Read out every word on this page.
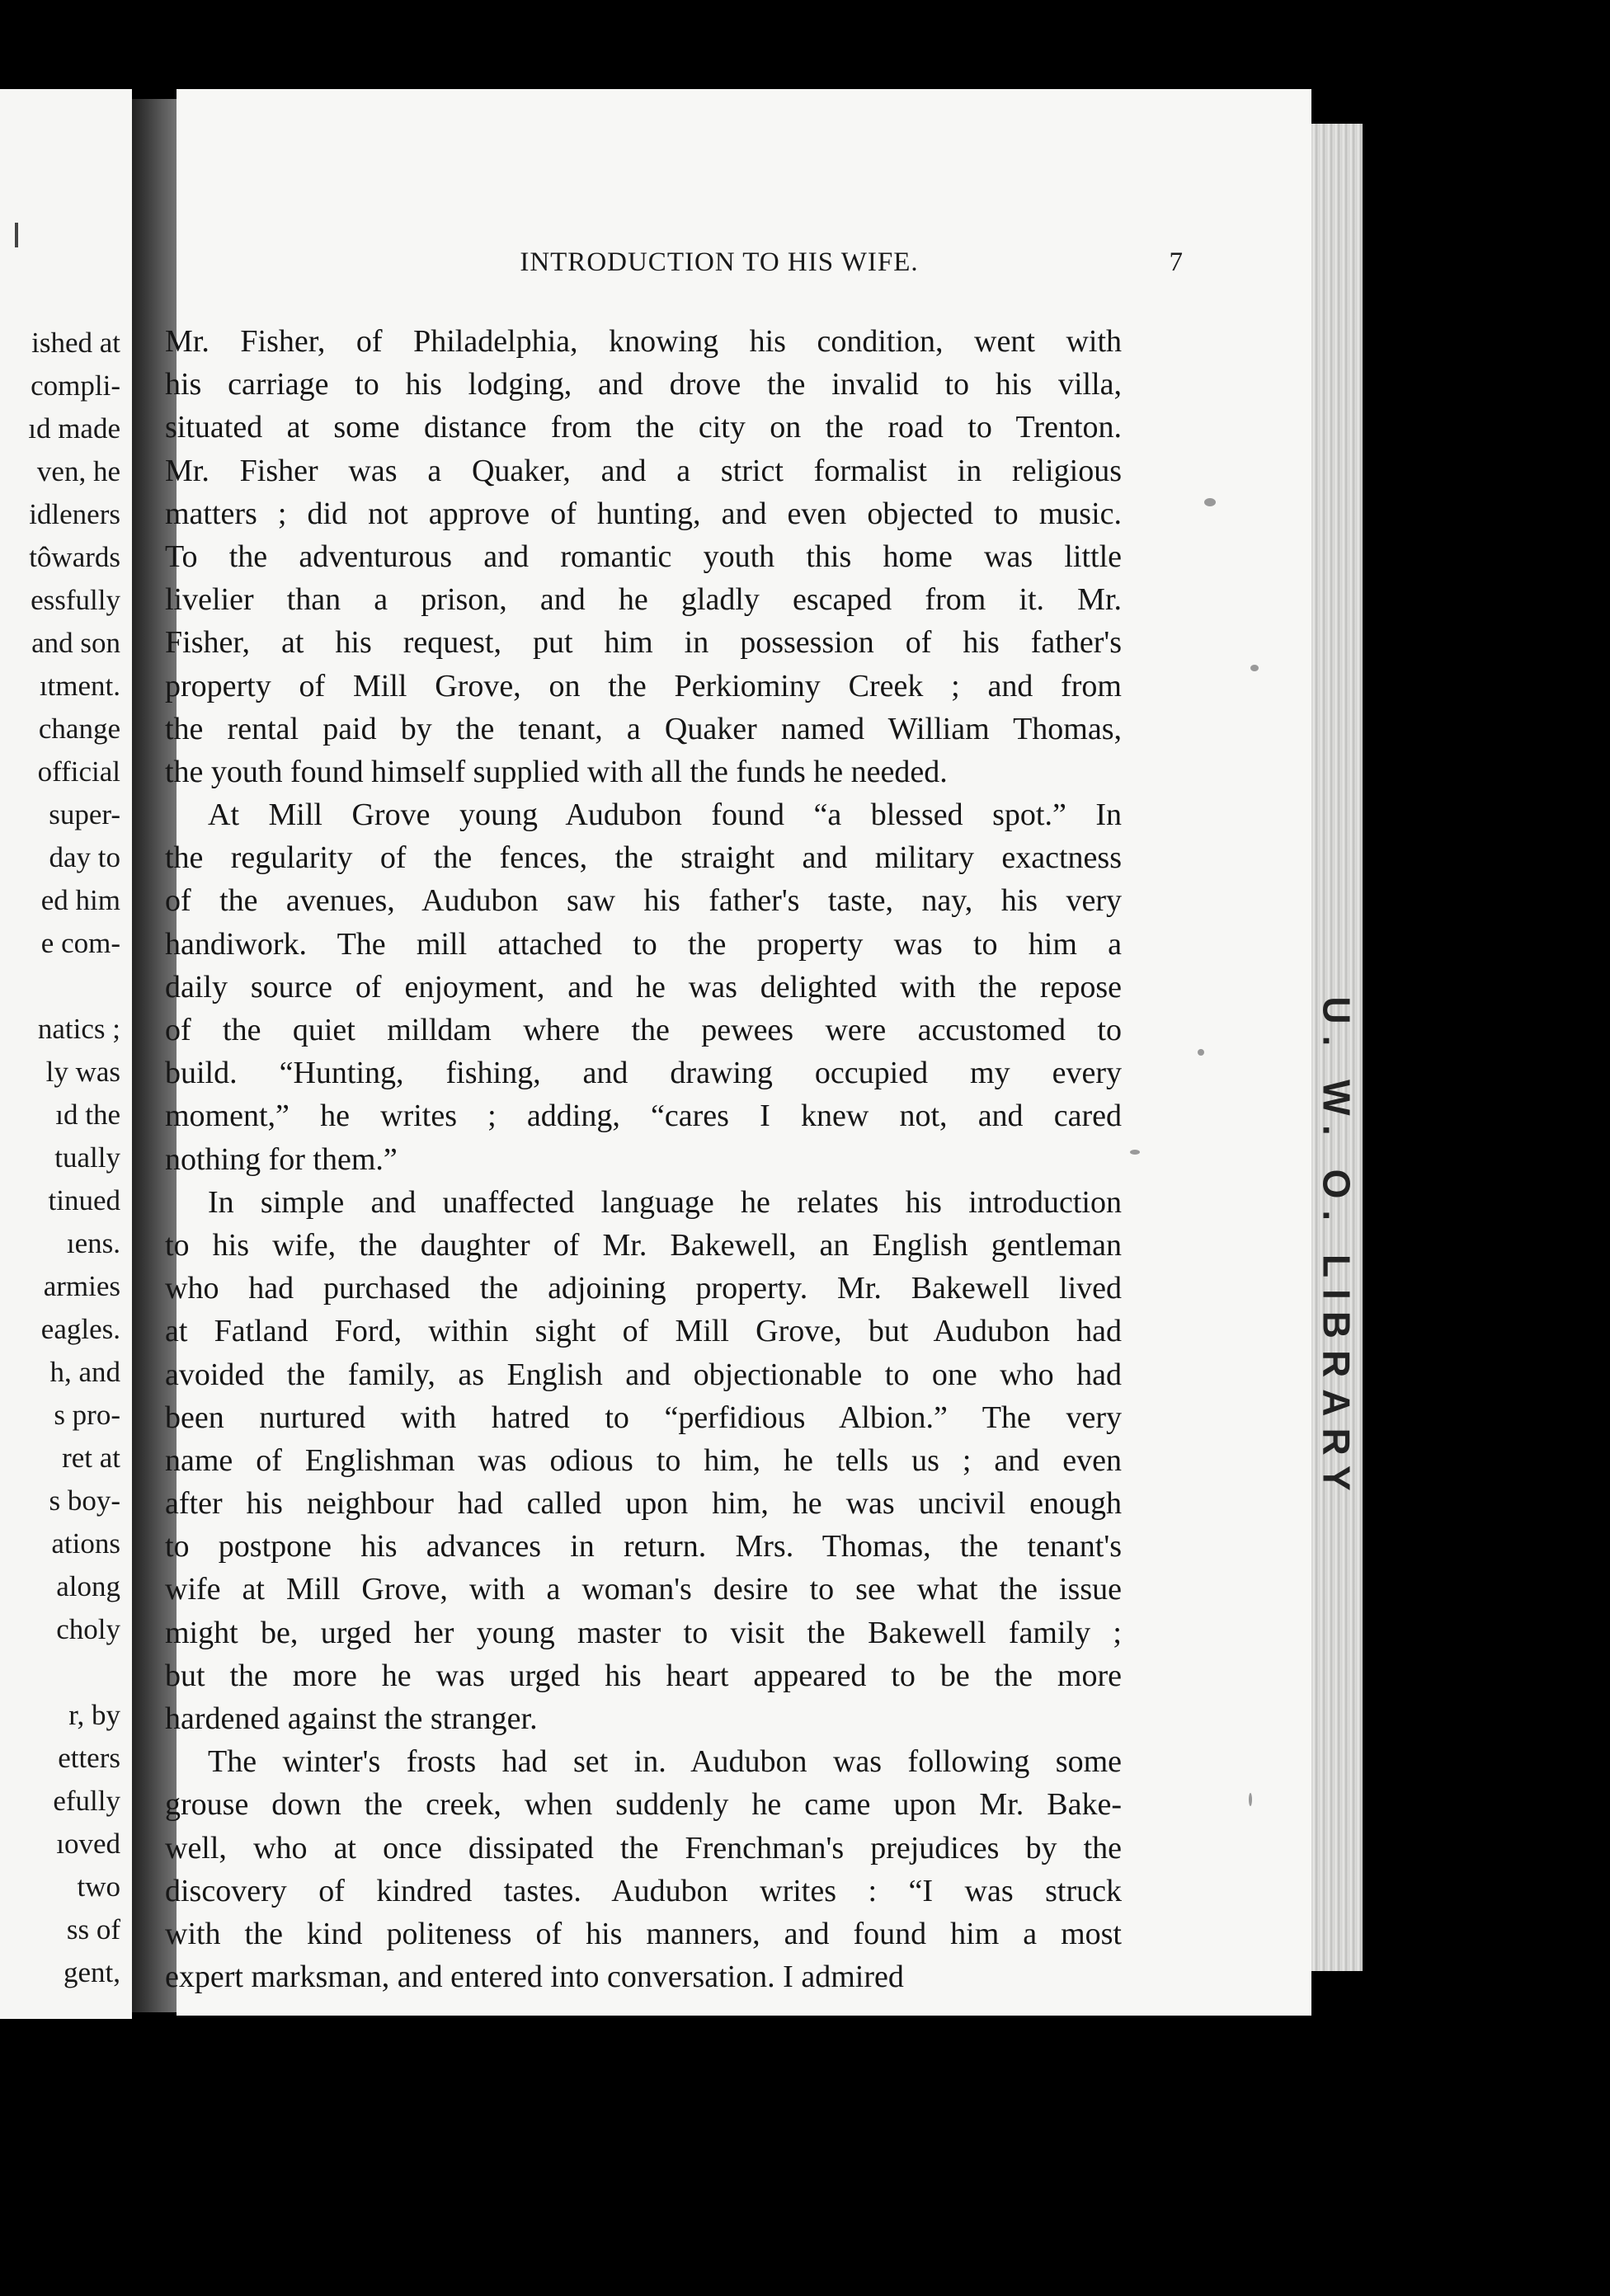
ished at
compli-
ıd made
ven, he
idleners
tôwards
essfully
and son
ıtment.
change
official
super-
day to
ed him
e com-
natics ;
ly was
ıd the
tually
tinued
ıens.
armies
eagles.
h, and
s pro-
ret at
s boy-
ations
along
choly
r, by
etters
efully
ıoved
two
ss of
gent,
U. W. O. LIBRARY
INTRODUCTION TO HIS WIFE.	7

Mr. Fisher, of Philadelphia, knowing his condition, went with
his carriage to his lodging, and drove the invalid to his villa,
situated at some distance from the city on the road to Trenton.
Mr. Fisher was a Quaker, and a strict formalist in religious
matters ; did not approve of hunting, and even objected to music.
To the adventurous and romantic youth this home was little
livelier than a prison, and he gladly escaped from it. Mr.
Fisher, at his request, put him in possession of his father's
property of Mill Grove, on the Perkiominy Creek ; and from
the rental paid by the tenant, a Quaker named William Thomas,
the youth found himself supplied with all the funds he needed.

At Mill Grove young Audubon found “a blessed spot.” In
the regularity of the fences, the straight and military exactness
of the avenues, Audubon saw his father's taste, nay, his very
handiwork. The mill attached to the property was to him a
daily source of enjoyment, and he was delighted with the repose
of the quiet milldam where the pewees were accustomed to
build. “Hunting, fishing, and drawing occupied my every
moment,” he writes ; adding, “cares I knew not, and cared
nothing for them.”

In simple and unaffected language he relates his introduction
to his wife, the daughter of Mr. Bakewell, an English gentleman
who had purchased the adjoining property. Mr. Bakewell lived
at Fatland Ford, within sight of Mill Grove, but Audubon had
avoided the family, as English and objectionable to one who had
been nurtured with hatred to “perfidious Albion.” The very
name of Englishman was odious to him, he tells us ; and even
after his neighbour had called upon him, he was uncivil enough
to postpone his advances in return. Mrs. Thomas, the tenant's
wife at Mill Grove, with a woman's desire to see what the issue
might be, urged her young master to visit the Bakewell family ;
but the more he was urged his heart appeared to be the more
hardened against the stranger.

The winter's frosts had set in. Audubon was following some
grouse down the creek, when suddenly he came upon Mr. Bake-
well, who at once dissipated the Frenchman's prejudices by the
discovery of kindred tastes. Audubon writes : “I was struck
with the kind politeness of his manners, and found him a most
expert marksman, and entered into conversation. I admired
